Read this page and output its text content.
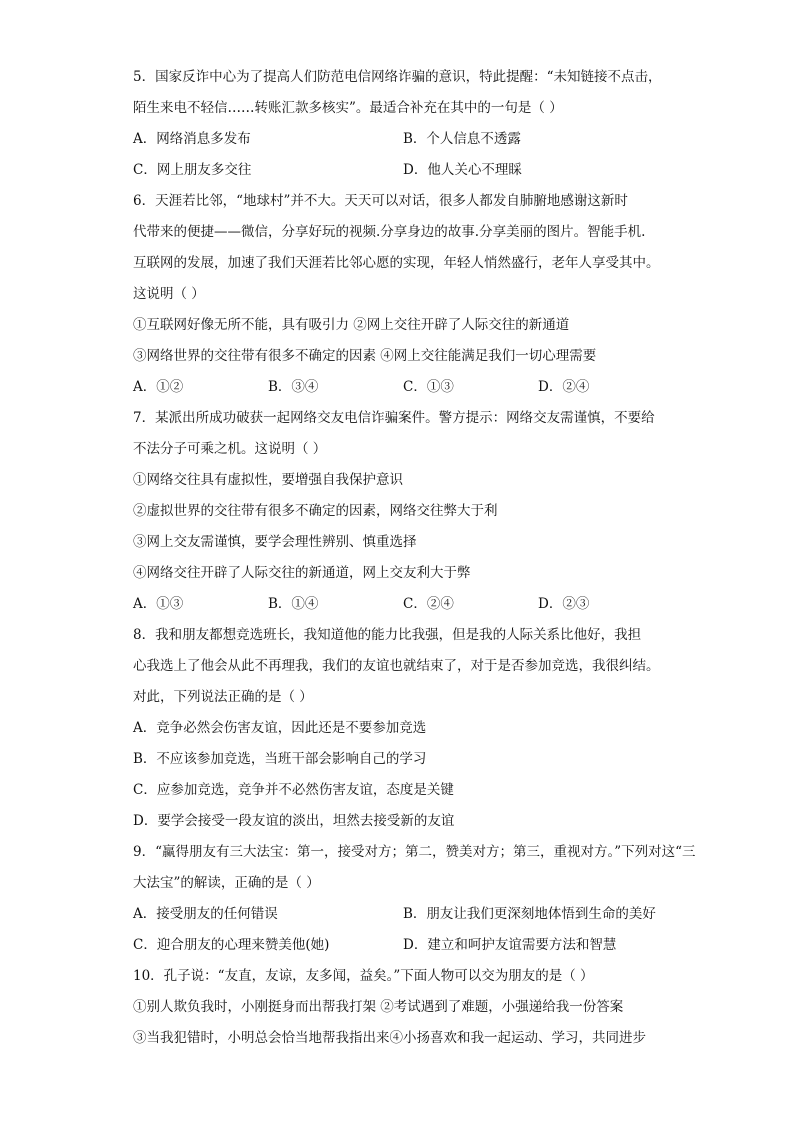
5．国家反诈中心为了提高人们防范电信网络诈骗的意识，特此提醒：“未知链接不点击，
陌生来电不轻信……转账汇款多核实”。最适合补充在其中的一句是（ ）
A．网络消息多发布	B．个人信息不透露
C．网上朋友多交往	D．他人关心不理睬
6．天涯若比邻，“地球村”并不大。天天可以对话，很多人都发自肺腑地感谢这新时
代带来的便捷——微信，分享好玩的视频.分享身边的故事.分享美丽的图片。智能手机.
互联网的发展，加速了我们天涯若比邻心愿的实现，年轻人悄然盛行，老年人享受其中。
这说明（ ）
①互联网好像无所不能，具有吸引力 ②网上交往开辟了人际交往的新通道
③网络世界的交往带有很多不确定的因素 ④网上交往能满足我们一切心理需要
A．①②	B．③④	C．①③	D．②④
7．某派出所成功破获一起网络交友电信诈骗案件。警方提示：网络交友需谨慎，不要给
不法分子可乘之机。这说明（ ）
①网络交往具有虚拟性，要增强自我保护意识
②虚拟世界的交往带有很多不确定的因素，网络交往弊大于利
③网上交友需谨慎，要学会理性辨别、慎重选择
④网络交往开辟了人际交往的新通道，网上交友利大于弊
A．①③	B．①④	C．②④	D．②③
8．我和朋友都想竞选班长，我知道他的能力比我强，但是我的人际关系比他好，我担
心我选上了他会从此不再理我，我们的友谊也就结束了，对于是否参加竞选，我很纠结。
对此，下列说法正确的是（ ）
A．竞争必然会伤害友谊，因此还是不要参加竞选
B．不应该参加竞选，当班干部会影响自己的学习
C．应参加竞选，竞争并不必然伤害友谊，态度是关键
D．要学会接受一段友谊的淡出，坦然去接受新的友谊
9．“赢得朋友有三大法宝：第一，接受对方；第二，赞美对方；第三，重视对方。”下列对这“三
大法宝”的解读，正确的是（ ）
A．接受朋友的任何错误	B．朋友让我们更深刻地体悟到生命的美好
C．迎合朋友的心理来赞美他(她)	D．建立和呵护友谊需要方法和智慧
10．孔子说：“友直，友谅，友多闻，益矣。”下面人物可以交为朋友的是（ ）
①别人欺负我时，小刚挺身而出帮我打架 ②考试遇到了难题，小强递给我一份答案
③当我犯错时，小明总会恰当地帮我指出来④小扬喜欢和我一起运动、学习，共同进步
